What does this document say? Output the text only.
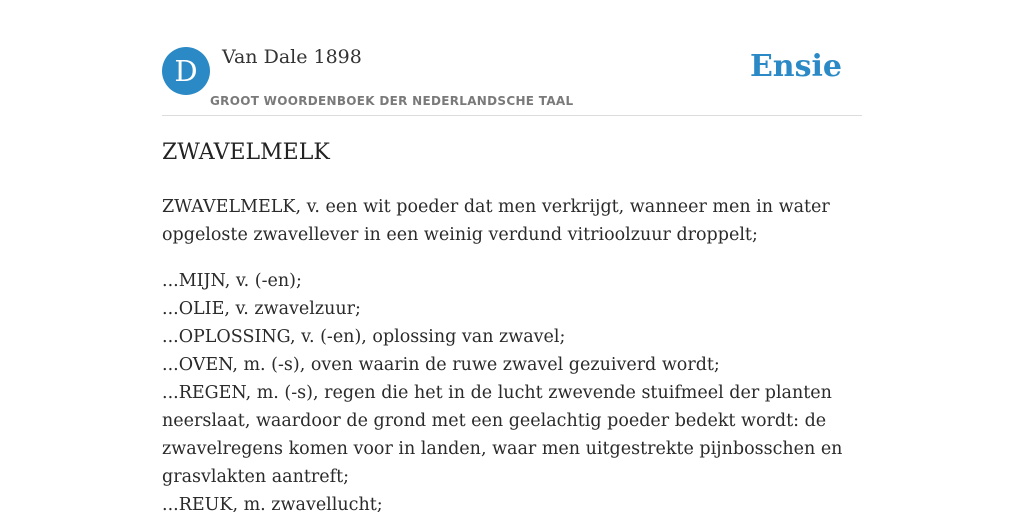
D	Van Dale 1898
GROOT WOORDENBOEK DER NEDERLANDSCHE TAAL
Ensie
ZWAVELMELK

ZWAVELMELK, v. een wit poeder dat men verkrijgt, wanneer men in water opgeloste zwavellever in een weinig verdund vitrioolzuur droppelt;

...MIJN, v. (-en);
...OLIE, v. zwavelzuur;
...OPLOSSING, v. (-en), oplossing van zwavel;
...OVEN, m. (-s), oven waarin de ruwe zwavel gezuiverd wordt;
...REGEN, m. (-s), regen die het in de lucht zwevende stuifmeel der planten neerslaat, waardoor de grond met een geelachtig poeder bedekt wordt: de zwavelregens komen voor in landen, waar men uitgestrekte pijnbosschen en grasvlakten aantreft;
...REUK, m. zwavellucht;
